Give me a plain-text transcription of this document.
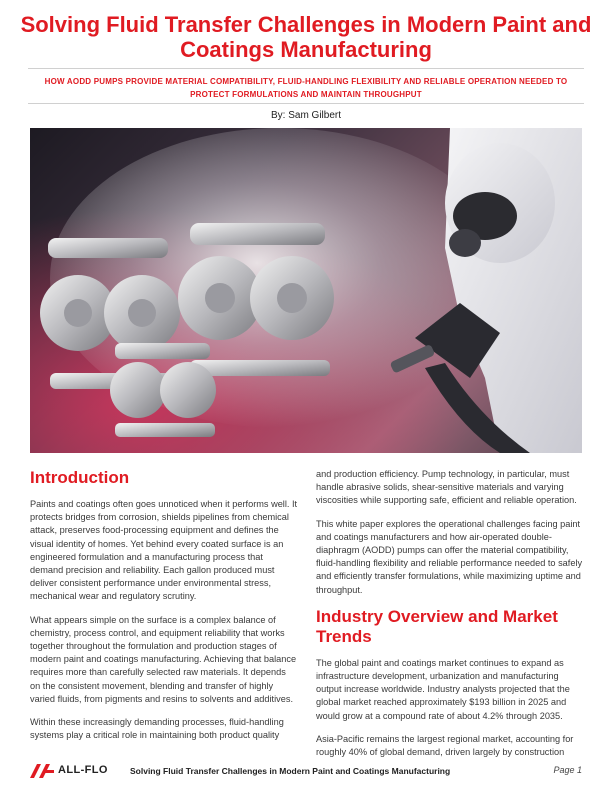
Solving Fluid Transfer Challenges in Modern Paint and Coatings Manufacturing
HOW AODD PUMPS PROVIDE MATERIAL COMPATIBILITY, FLUID-HANDLING FLEXIBILITY AND RELIABLE OPERATION NEEDED TO PROTECT FORMULATIONS AND MAINTAIN THROUGHPUT
By: Sam Gilbert
Introduction

Paints and coatings often goes unnoticed when it performs well. It protects bridges from corrosion, shields pipelines from chemical attack, preserves food-processing equipment and defines the visual identity of homes. Yet behind every coated surface is an engineered formulation and a manufacturing process that demand precision and reliability. Each gallon produced must deliver consistent performance under environmental stress, mechanical wear and regulatory scrutiny.

What appears simple on the surface is a complex balance of chemistry, process control, and equipment reliability that works together throughout the formulation and production stages of modern paint and coatings manufacturing. Achieving that balance requires more than carefully selected raw materials. It depends on the consistent movement, blending and transfer of highly varied fluids, from pigments and resins to solvents and additives.

Within these increasingly demanding processes, fluid-handling systems play a critical role in maintaining both product quality

and production efficiency. Pump technology, in particular, must handle abrasive solids, shear-sensitive materials and varying viscosities while supporting safe, efficient and reliable operation.

This white paper explores the operational challenges facing paint and coatings manufacturers and how air-operated double-diaphragm (AODD) pumps can offer the material compatibility, fluid-handling flexibility and reliable performance needed to safely and efficiently transfer formulations, while maximizing uptime and throughput.

Industry Overview and Market Trends

The global paint and coatings market continues to expand as infrastructure development, urbanization and manufacturing output increase worldwide. Industry analysts projected that the global market reached approximately $193 billion in 2025 and would grow at a compound rate of about 4.2% through 2035.

Asia-Pacific remains the largest regional market, accounting for roughly 40% of global demand, driven largely by construction

ALL-FLO	Solving Fluid Transfer Challenges in Modern Paint and Coatings Manufacturing	Page 1
